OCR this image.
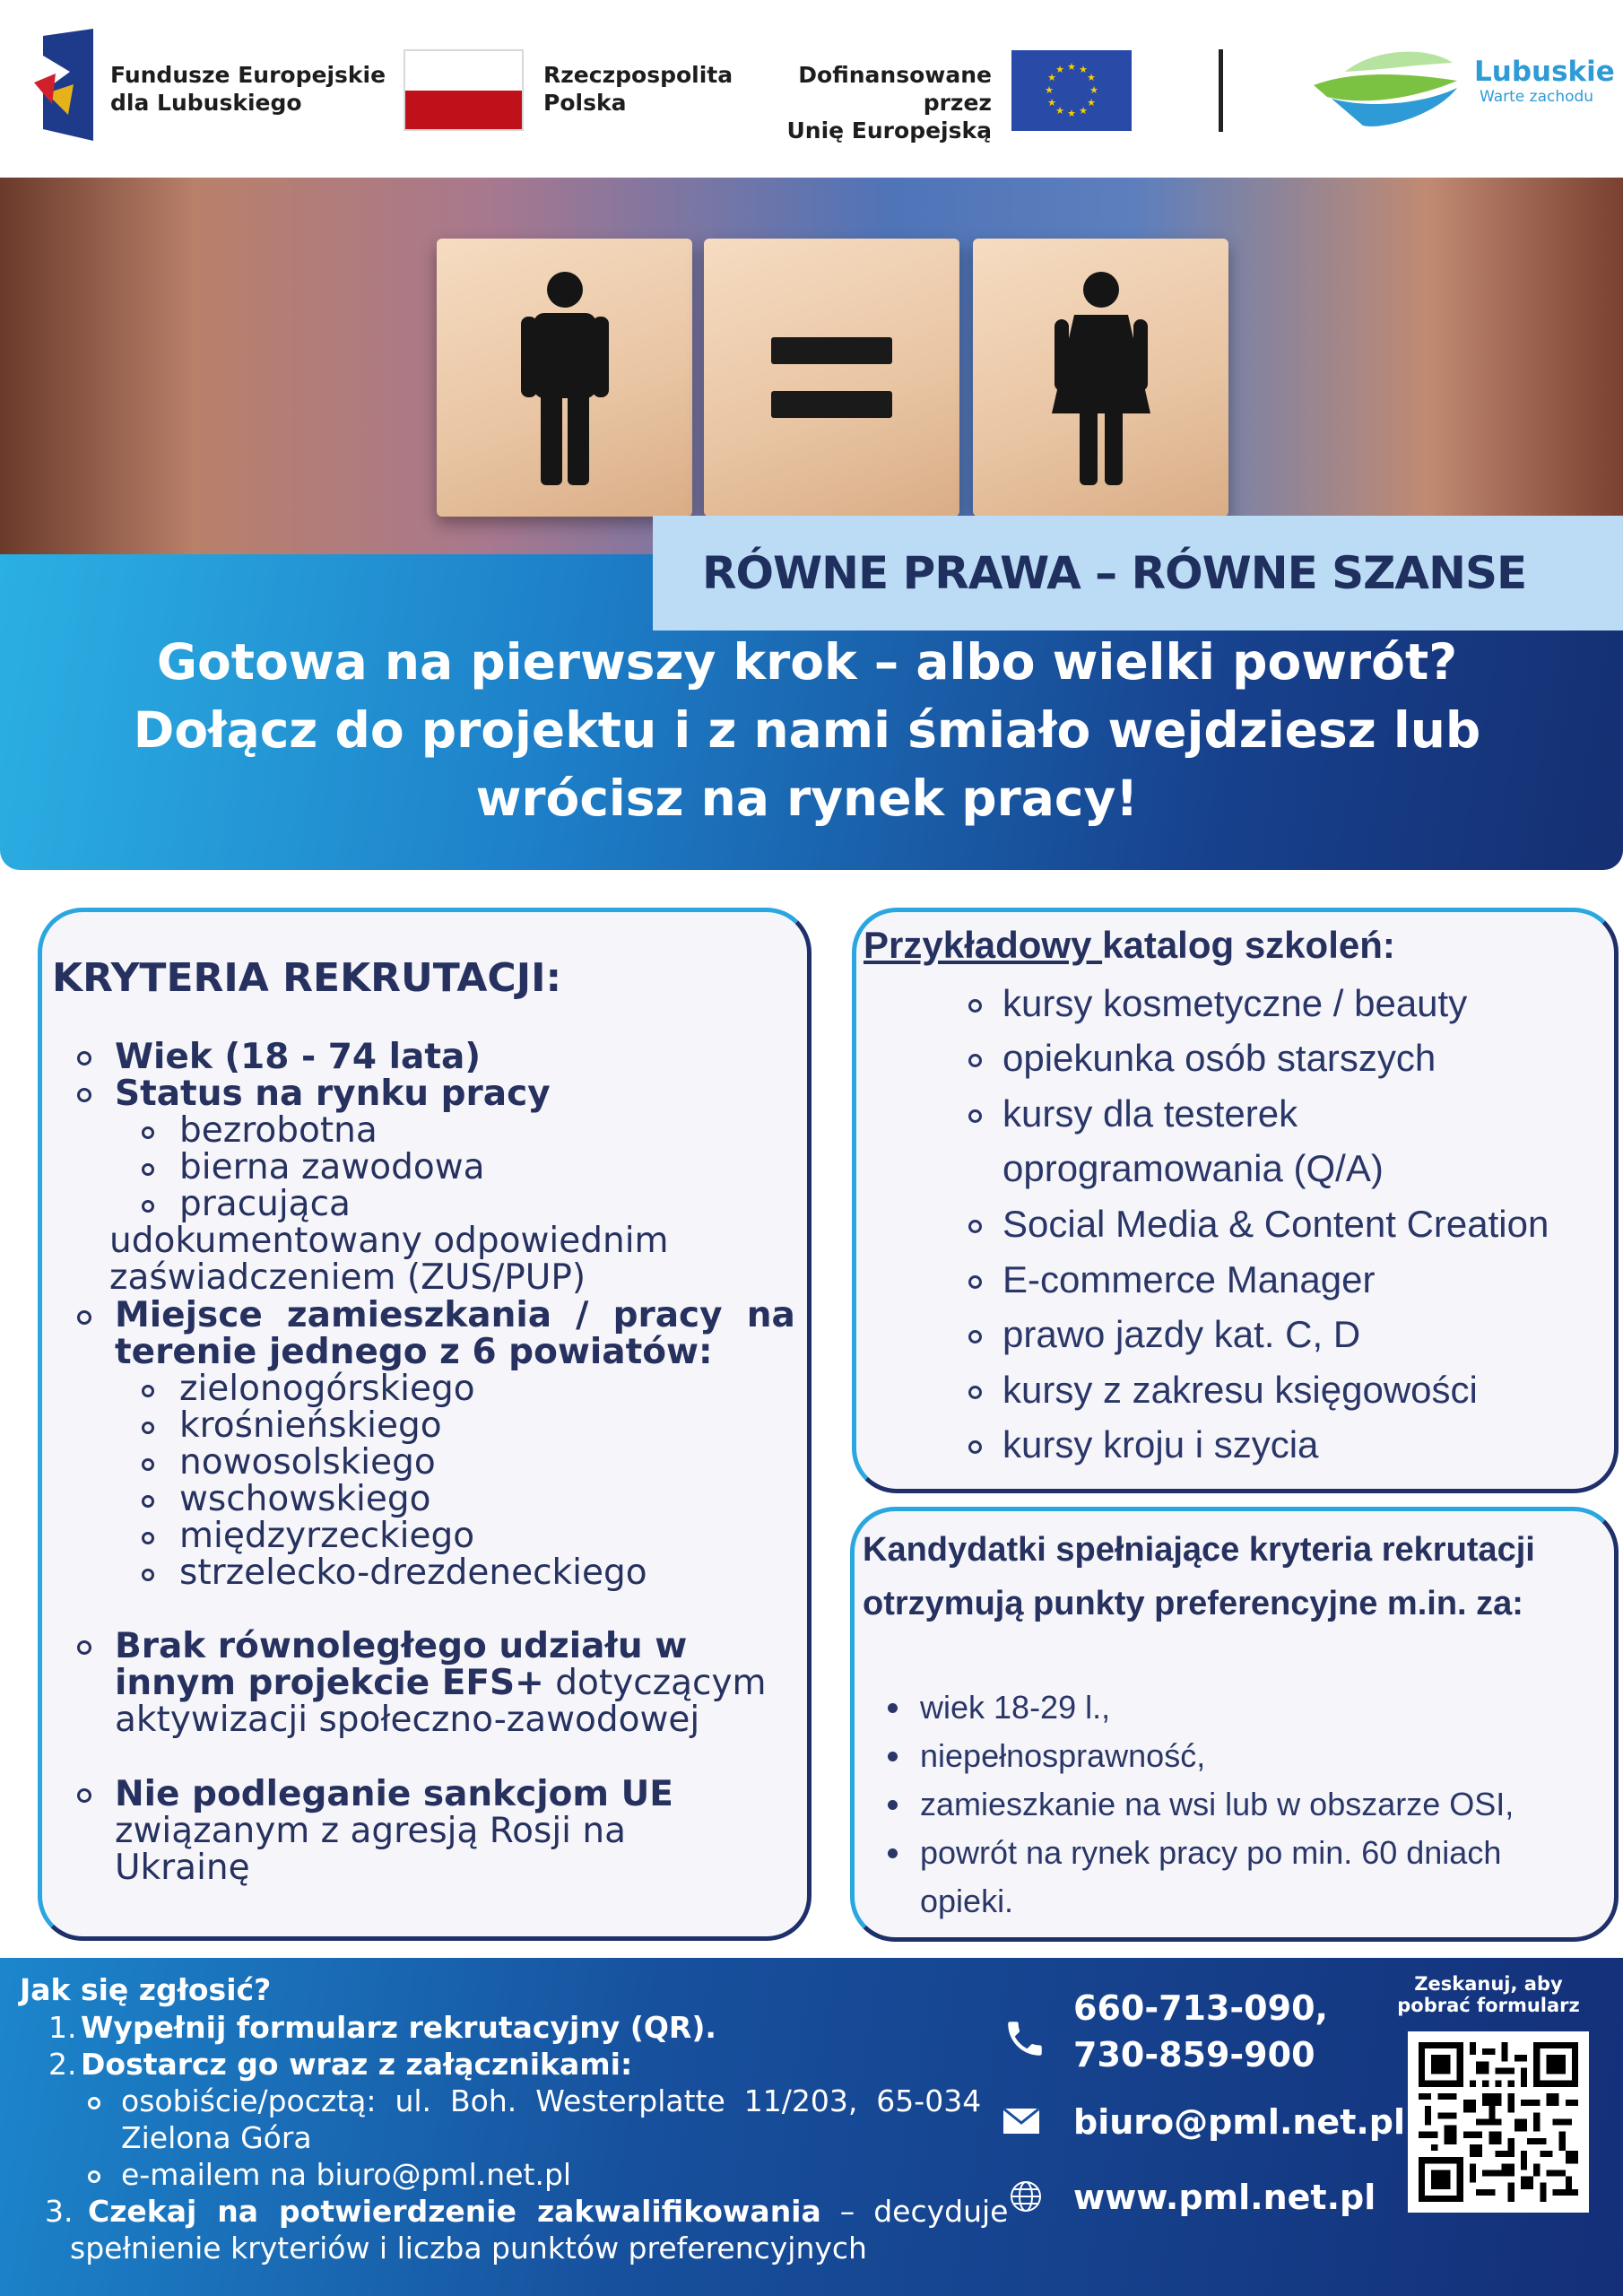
Fundusze Europejskie
dla Lubuskiego
Rzeczpospolita
Polska
Dofinansowane przez
Unię Europejską
★ ★
★
★
★
★
★
★
★
★
★
★	Lubuskie
Warte zachodu
RÓWNE PRAWA – RÓWNE SZANSE
Gotowa na pierwszy krok – albo wielki powrót?
Dołącz do projektu i z nami śmiało wejdziesz lub
wrócisz na rynek pracy!
KRYTERIA REKRUTACJI:
Wiek (18 - 74 lata)
Status na rynku pracy
bezrobotna
bierna zawodowa
pracująca
udokumentowany odpowiednim
zaświadczeniem (ZUS/PUP)
Miejsce  zamieszkania  /  pracy  na
terenie jednego z 6 powiatów:
zielonogórskiego
krośnieńskiego
nowosolskiego
wschowskiego
międzyrzeckiego
strzelecko-drezdeneckiego
Brak równoległego udziału w
innym projekcie EFS+ dotyczącym
aktywizacji społeczno-zawodowej
Nie podleganie sankcjom UE
związanym z agresją Rosji na
Ukrainę
Przykładowy katalog szkoleń:
kursy kosmetyczne / beauty
opiekunka osób starszych
kursy dla testerek
oprogramowania (Q/A)
Social Media & Content Creation
E-commerce Manager
prawo jazdy kat. C, D
kursy z zakresu księgowości
kursy kroju i szycia
Kandydatki spełniające kryteria rekrutacji otrzymują punkty preferencyjne m.in. za:
wiek 18-29 l.,
niepełnosprawność,
zamieszkanie na wsi lub w obszarze OSI,
powrót na rynek pracy po min. 60 dniach
opieki.
Jak się zgłosić?
1. Wypełnij formularz rekrutacyjny (QR).
2. Dostarcz go wraz z załącznikami:
osobiście/pocztą:  ul.  Boh.  Westerplatte  11/203,  65-034
Zielona Góra
e-mailem na biuro@pml.net.pl
3. Czekaj  na  potwierdzenie  zakwalifikowania  –  decyduje
spełnienie kryteriów i liczba punktów preferencyjnych
660-713-090,
730-859-900
biuro@pml.net.pl
www.pml.net.pl
Zeskanuj, aby pobrać formularz
